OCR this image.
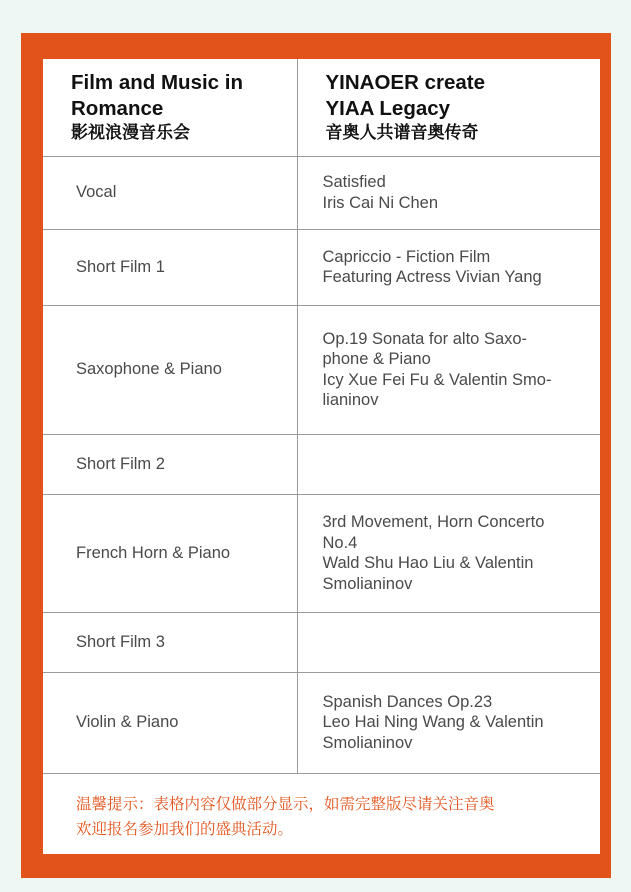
Film and Music in
Romance
影视浪漫音乐会	YINAOER create
YIAA Legacy
音奥人共谱音奥传奇

Vocal	Satisfied
Iris Cai Ni Chen

Short Film 1	Capriccio - Fiction Film
Featuring Actress Vivian Yang

Saxophone & Piano	Op.19 Sonata for alto Saxo-
phone & Piano
Icy Xue Fei Fu & Valentin Smo-
lianinov

Short Film 2	
French Horn & Piano	3rd Movement, Horn Concerto
No.4
Wald Shu Hao Liu & Valentin
Smolianinov

Short Film 3	
Violin & Piano	Spanish Dances Op.23
Leo Hai Ning Wang & Valentin
Smolianinov
温馨提示：表格内容仅做部分显示，如需完整版尽请关注音奥
欢迎报名参加我们的盛典活动。
